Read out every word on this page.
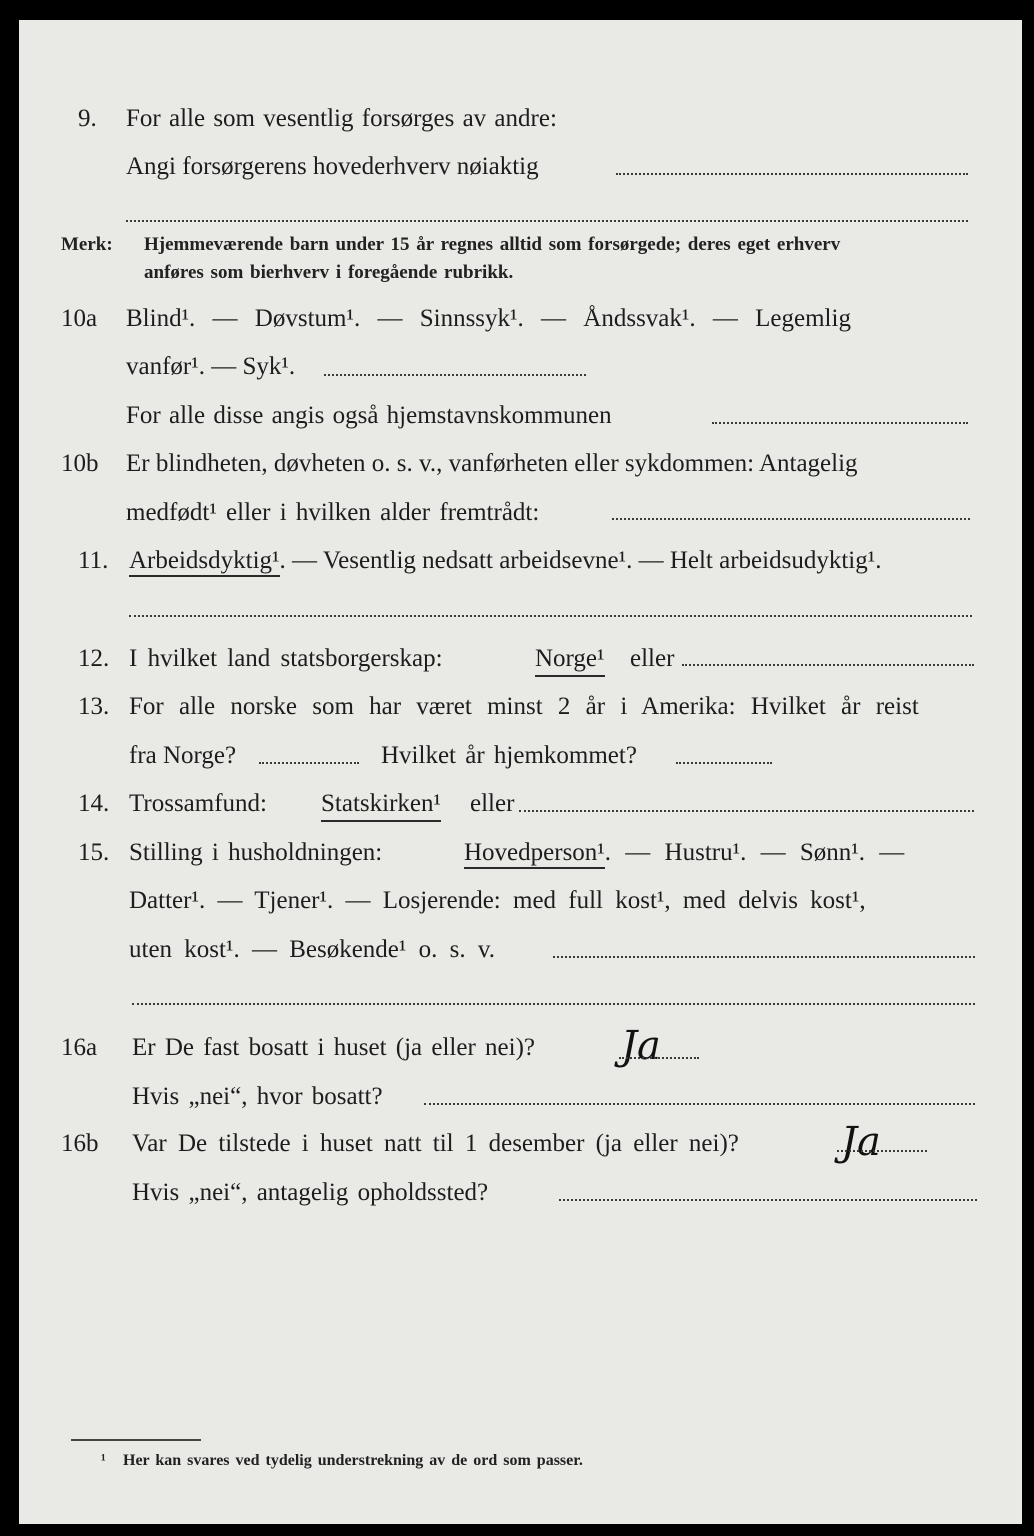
9. For alle som vesentlig forsørges av andre:
Angi forsørgerens hovederhverv nøiaktig
Merk: Hjemmeværende barn under 15 år regnes alltid som forsørgede; deres eget erhverv
anføres som bierhverv i foregående rubrikk.
10a Blind¹. — Døvstum¹. — Sinnssyk¹. — Åndssvak¹. — Legemlig
vanfør¹. — Syk¹.
For alle disse angis også hjemstavnskommunen
10b Er blindheten, døvheten o. s. v., vanførheten eller sykdommen: Antagelig
medfødt¹ eller i hvilken alder fremtrådt:
11. Arbeidsdyktig¹. — Vesentlig nedsatt arbeidsevne¹. — Helt arbeidsudyktig¹.
12. I hvilket land statsborgerskap:	Norge¹ eller
13. For alle norske som har været minst 2 år i Amerika: Hvilket år reist
fra Norge?	Hvilket år hjemkommet?
14. Trossamfund: Statskirken¹ eller
15. Stilling i husholdningen:	Hovedperson¹. — Hustru¹. — Sønn¹. —
Datter¹. — Tjener¹. — Losjerende: med full kost¹, med delvis kost¹,
uten kost¹. — Besøkende¹ o. s. v.
16a Er De fast bosatt i huset (ja eller nei)? Ja
Hvis „nei“, hvor bosatt?
16b Var De tilstede i huset natt til 1 desember (ja eller nei)?	Ja
Hvis „nei“, antagelig opholdssted?
¹ Her kan svares ved tydelig understrekning av de ord som passer.
